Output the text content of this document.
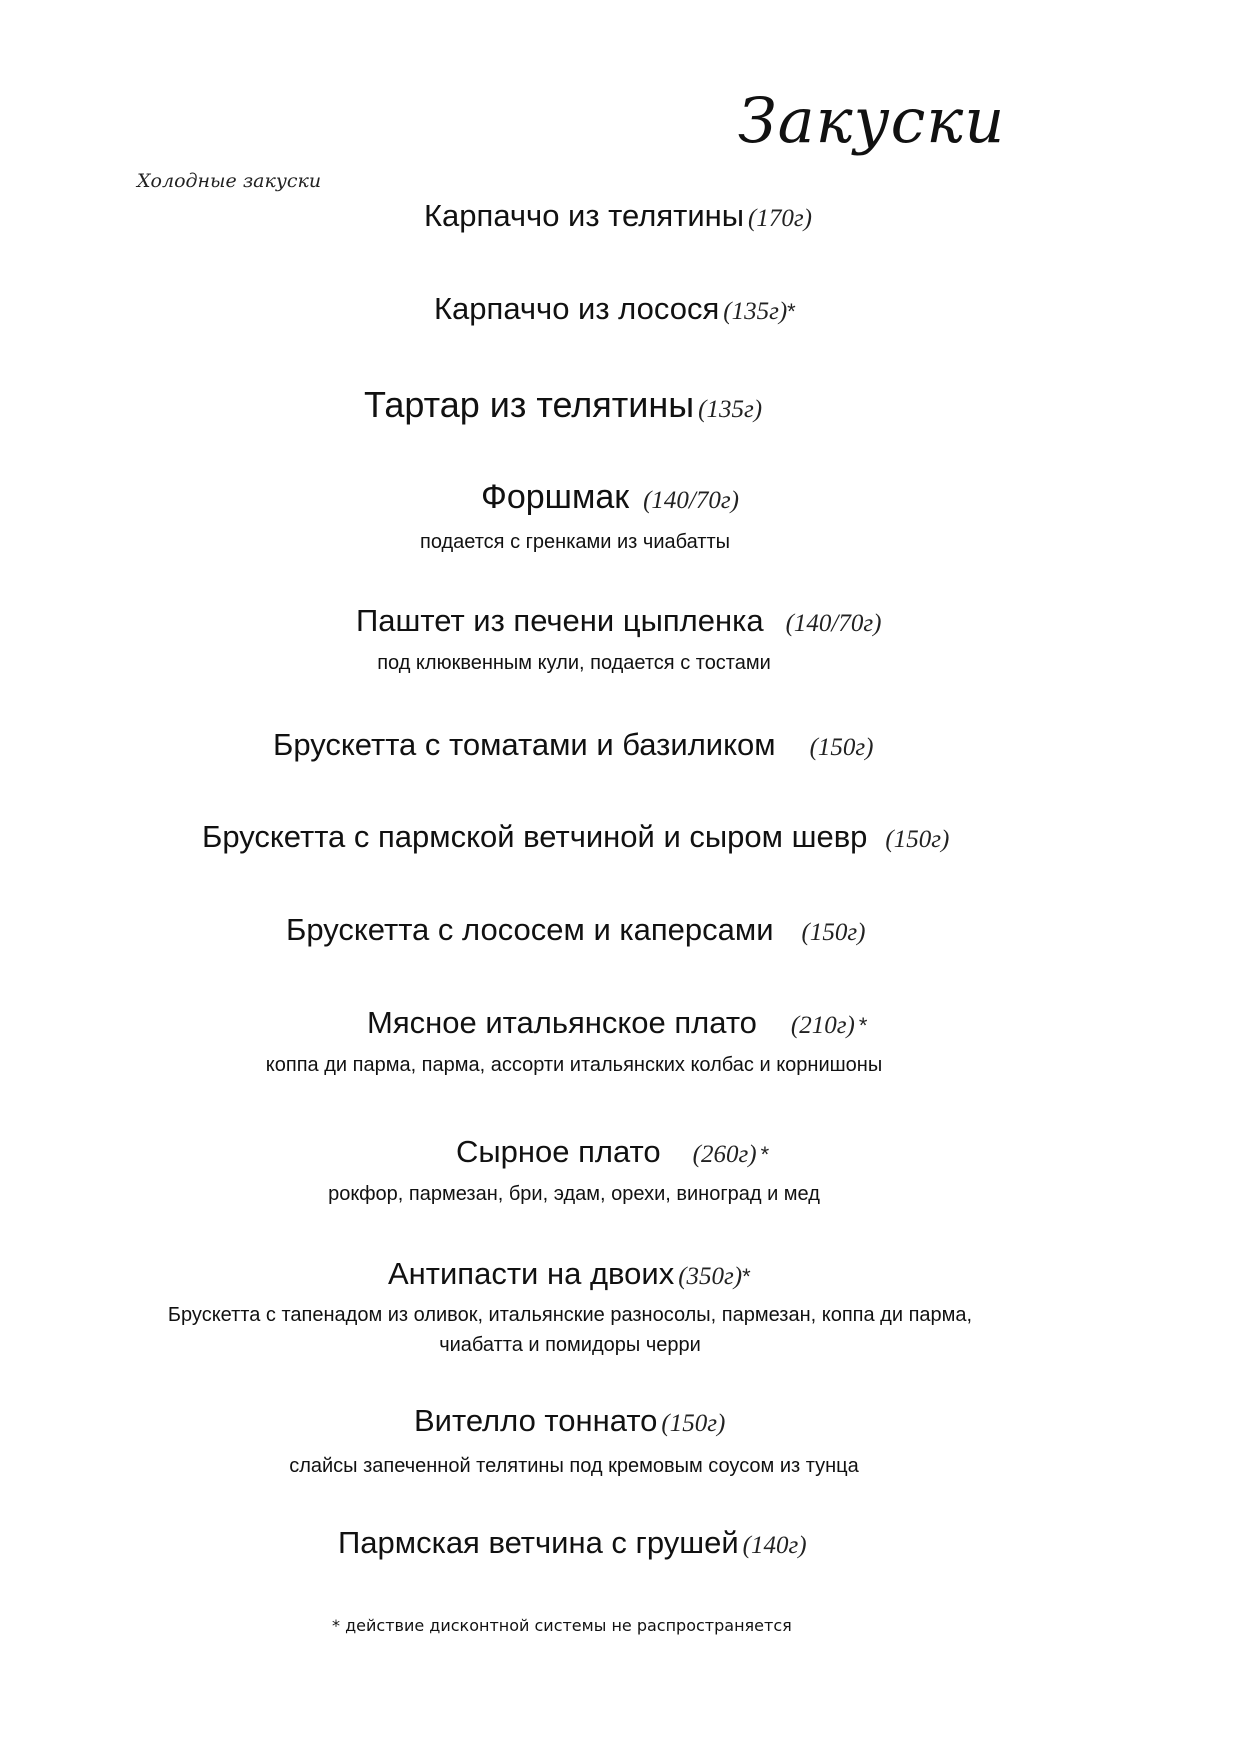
Закуски
Холодные закуски
Карпаччо из телятины (170г)
Карпаччо из лосося (135г)*
Тартар из телятины (135г)
Форшмак (140/70г)
подается с гренками из чиабатты
Паштет из печени цыпленка (140/70г)
под клюквенным кули, подается с тостами
Брускетта с томатами и базиликом (150г)
Брускетта с пармской ветчиной и сыром шевр (150г)
Брускетта с лососем и каперсами (150г)
Мясное итальянское плато (210г) *
коппа ди парма, парма, ассорти итальянских колбас и корнишоны
Сырное плато (260г) *
рокфор, пармезан, бри, эдам, орехи, виноград и мед
Антипасти на двоих (350г)*
Брускетта с тапенадом из оливок, итальянские разносолы, пармезан, коппа ди парма, чиабатта и помидоры черри
Вителло тоннато (150г)
слайсы запеченной телятины под кремовым соусом из тунца
Пармская ветчина с грушей (140г)
* действие дисконтной системы не распространяется
